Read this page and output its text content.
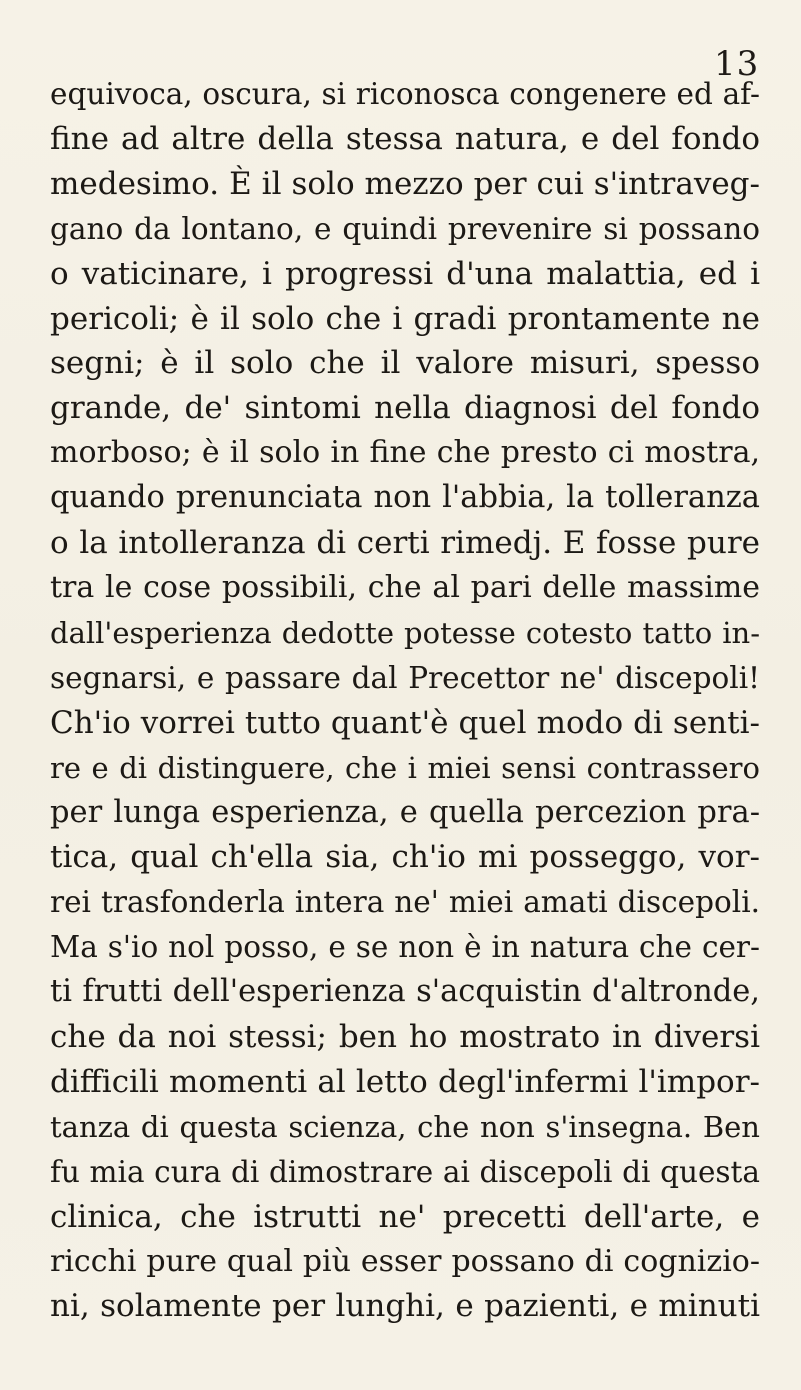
13
equivoca, oscura, si riconosca congenere ed af-
fine ad altre della stessa natura, e del fondo
medesimo. È il solo mezzo per cui s'intraveg-
gano da lontano, e quindi prevenire si possano
o vaticinare, i progressi d'una malattia, ed i
pericoli; è il solo che i gradi prontamente ne
segni; è il solo che il valore misuri, spesso
grande, de' sintomi nella diagnosi del fondo
morboso; è il solo in fine che presto ci mostra,
quando prenunciata non l'abbia, la tolleranza
o la intolleranza di certi rimedj. E fosse pure
tra le cose possibili, che al pari delle massime
dall'esperienza dedotte potesse cotesto tatto in-
segnarsi, e passare dal Precettor ne' discepoli!
Ch'io vorrei tutto quant'è quel modo di senti-
re e di distinguere, che i miei sensi contrassero
per lunga esperienza, e quella percezion pra-
tica, qual ch'ella sia, ch'io mi posseggo, vor-
rei trasfonderla intera ne' miei amati discepoli.
Ma s'io nol posso, e se non è in natura che cer-
ti frutti dell'esperienza s'acquistin d'altronde,
che da noi stessi; ben ho mostrato in diversi
difficili momenti al letto degl'infermi l'impor-
tanza di questa scienza, che non s'insegna. Ben
fu mia cura di dimostrare ai discepoli di questa
clinica, che istrutti ne' precetti dell'arte, e
ricchi pure qual più esser possano di cognizio-
ni, solamente per lunghi, e pazienti, e minuti
